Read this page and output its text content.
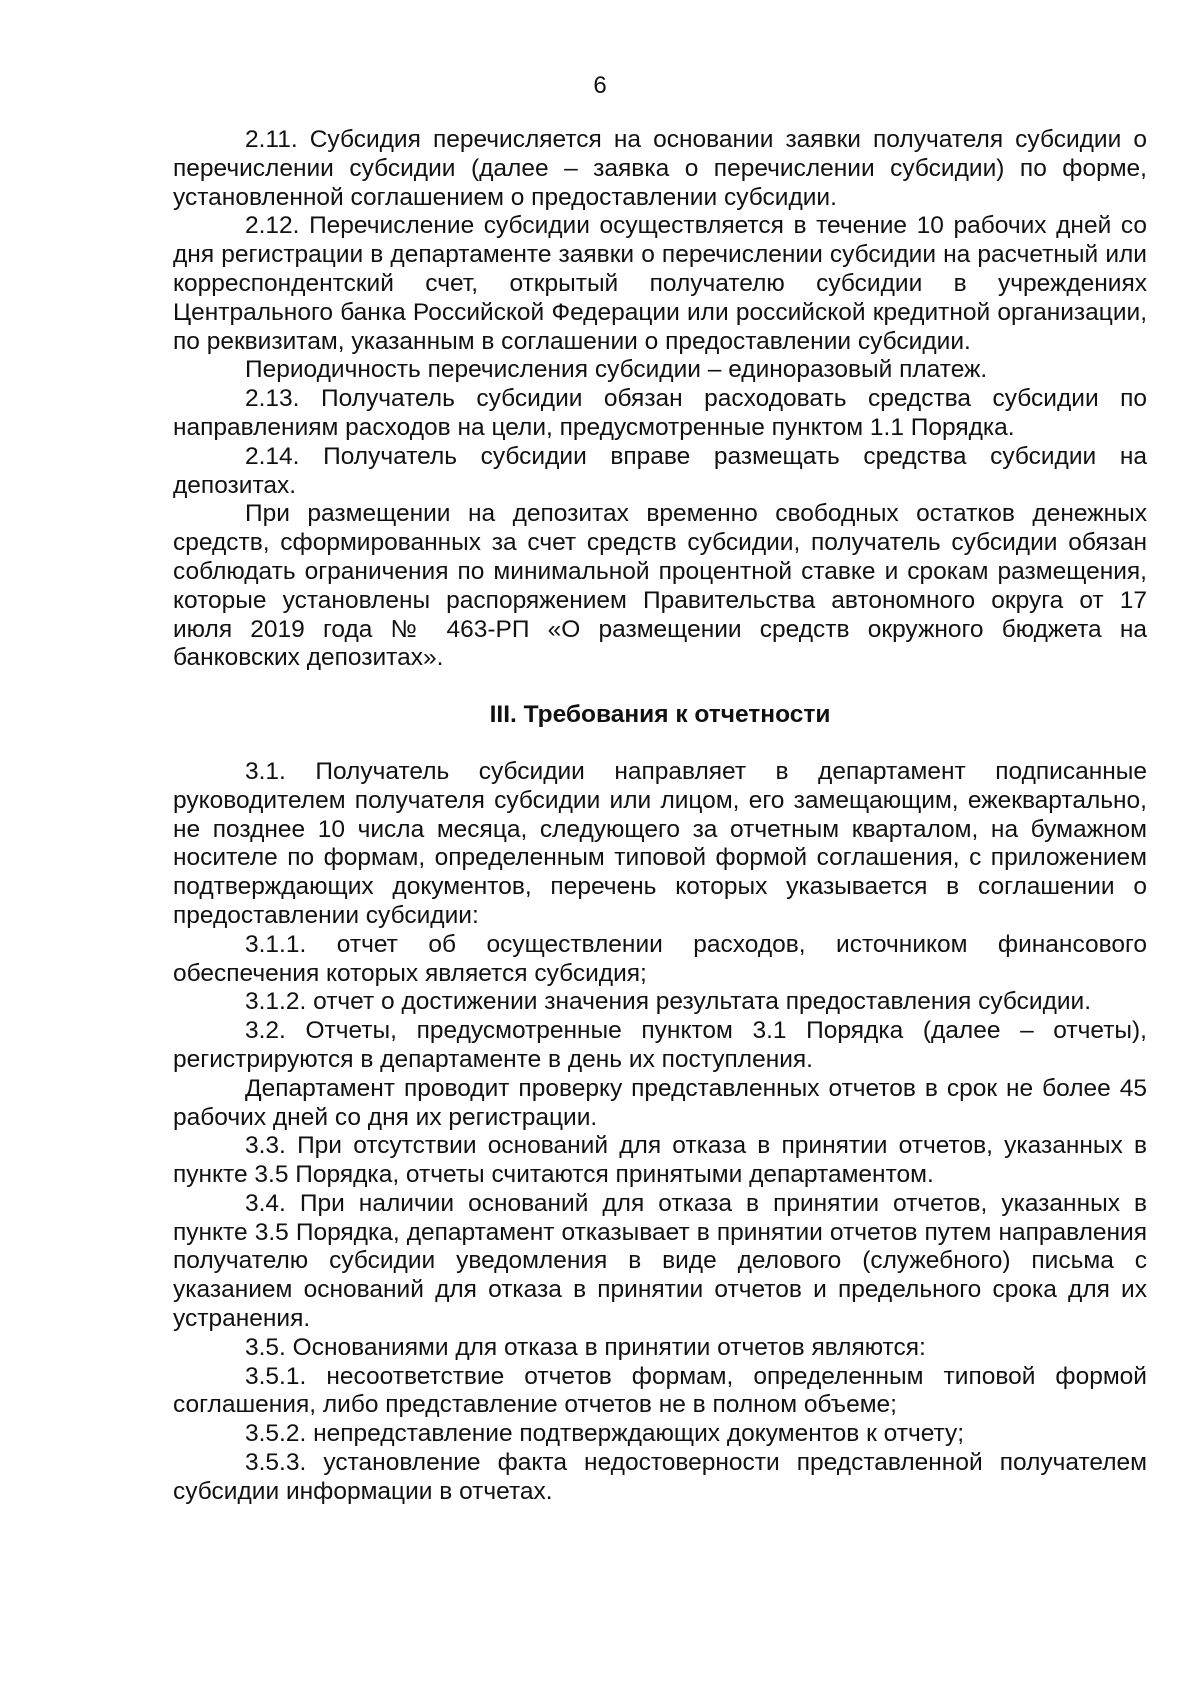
6

2.11. Субсидия перечисляется на основании заявки получателя субсидии о перечислении субсидии (далее – заявка о перечислении субсидии) по форме, установленной соглашением о предоставлении субсидии.

2.12. Перечисление субсидии осуществляется в течение 10 рабочих дней со дня регистрации в департаменте заявки о перечислении субсидии на расчетный или корреспондентский счет, открытый получателю субсидии в учреждениях Центрального банка Российской Федерации или российской кредитной организации, по реквизитам, указанным в соглашении о предоставлении субсидии.

Периодичность перечисления субсидии – единоразовый платеж.

2.13. Получатель субсидии обязан расходовать средства субсидии по направлениям расходов на цели, предусмотренные пунктом 1.1 Порядка.

2.14. Получатель субсидии вправе размещать средства субсидии на депозитах.

При размещении на депозитах временно свободных остатков денежных средств, сформированных за счет средств субсидии, получатель субсидии обязан соблюдать ограничения по минимальной процентной ставке и срокам размещения, которые установлены распоряжением Правительства автономного округа от 17 июля 2019 года № 463-РП «О размещении средств окружного бюджета на банковских депозитах».

III. Требования к отчетности

3.1. Получатель субсидии направляет в департамент подписанные руководителем получателя субсидии или лицом, его замещающим, ежеквартально, не позднее 10 числа месяца, следующего за отчетным кварталом, на бумажном носителе по формам, определенным типовой формой соглашения, с приложением подтверждающих документов, перечень которых указывается в соглашении о предоставлении субсидии:

3.1.1. отчет об осуществлении расходов, источником финансового обеспечения которых является субсидия;

3.1.2. отчет о достижении значения результата предоставления субсидии.

3.2. Отчеты, предусмотренные пунктом 3.1 Порядка (далее – отчеты), регистрируются в департаменте в день их поступления.

Департамент проводит проверку представленных отчетов в срок не более 45 рабочих дней со дня их регистрации.

3.3. При отсутствии оснований для отказа в принятии отчетов, указанных в пункте 3.5 Порядка, отчеты считаются принятыми департаментом.

3.4. При наличии оснований для отказа в принятии отчетов, указанных в пункте 3.5 Порядка, департамент отказывает в принятии отчетов путем направления получателю субсидии уведомления в виде делового (служебного) письма с указанием оснований для отказа в принятии отчетов и предельного срока для их устранения.

3.5. Основаниями для отказа в принятии отчетов являются:

3.5.1. несоответствие отчетов формам, определенным типовой формой соглашения, либо представление отчетов не в полном объеме;

3.5.2. непредставление подтверждающих документов к отчету;

3.5.3. установление факта недостоверности представленной получателем субсидии информации в отчетах.
